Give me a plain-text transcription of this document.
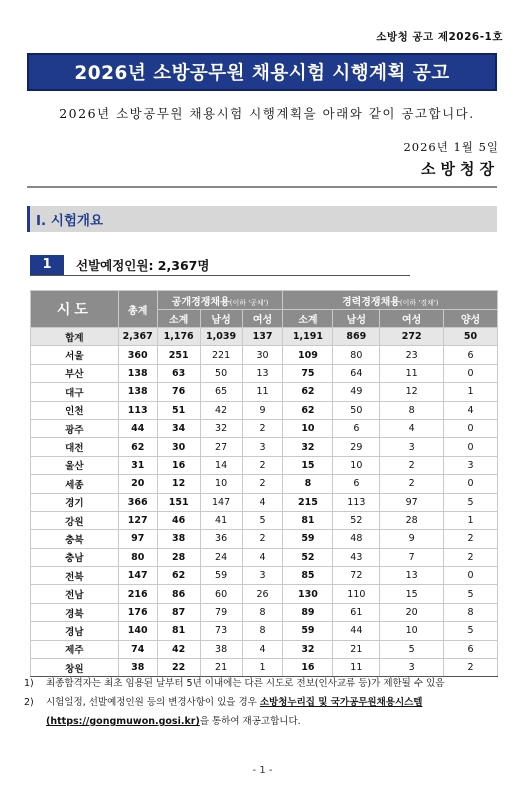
소방청 공고 제2026-1호
2026년 소방공무원 채용시험 시행계획 공고
2026년 소방공무원 채용시험 시행계획을 아래와 같이 공고합니다.
2026년 1월 5일
소방청장
Ⅰ. 시험개요
1	선발예정인원: 2,367명
시도	총계	공개경쟁채용(이하 '공채')			경력경쟁채용(이하 '경채')			
		소계	남성	여성	소계	남성	여성	양성
합계	2,367	1,176	1,039	137	1,191	869	272	50
서울	360	251	221	30	109	80	23	6
부산	138	63	50	13	75	64	11	0
대구	138	76	65	11	62	49	12	1
인천	113	51	42	9	62	50	8	4
광주	44	34	32	2	10	6	4	0
대전	62	30	27	3	32	29	3	0
울산	31	16	14	2	15	10	2	3
세종	20	12	10	2	8	6	2	0
경기	366	151	147	4	215	113	97	5
강원	127	46	41	5	81	52	28	1
충북	97	38	36	2	59	48	9	2
충남	80	28	24	4	52	43	7	2
전북	147	62	59	3	85	72	13	0
전남	216	86	60	26	130	110	15	5
경북	176	87	79	8	89	61	20	8
경남	140	81	73	8	59	44	10	5
제주	74	42	38	4	32	21	5	6
창원	38	22	21	1	16	11	3	2
1)	최종합격자는 최초 임용된 날부터 5년 이내에는 다른 시도로 전보(인사교류 등)가 제한될 수 있음
2)	시험일정, 선발예정인원 등의 변경사항이 있을 경우 소방청누리집 및 국가공무원채용시스템
(https://gongmuwon.gosi.kr)을 통하여 재공고합니다.
- 1 -
